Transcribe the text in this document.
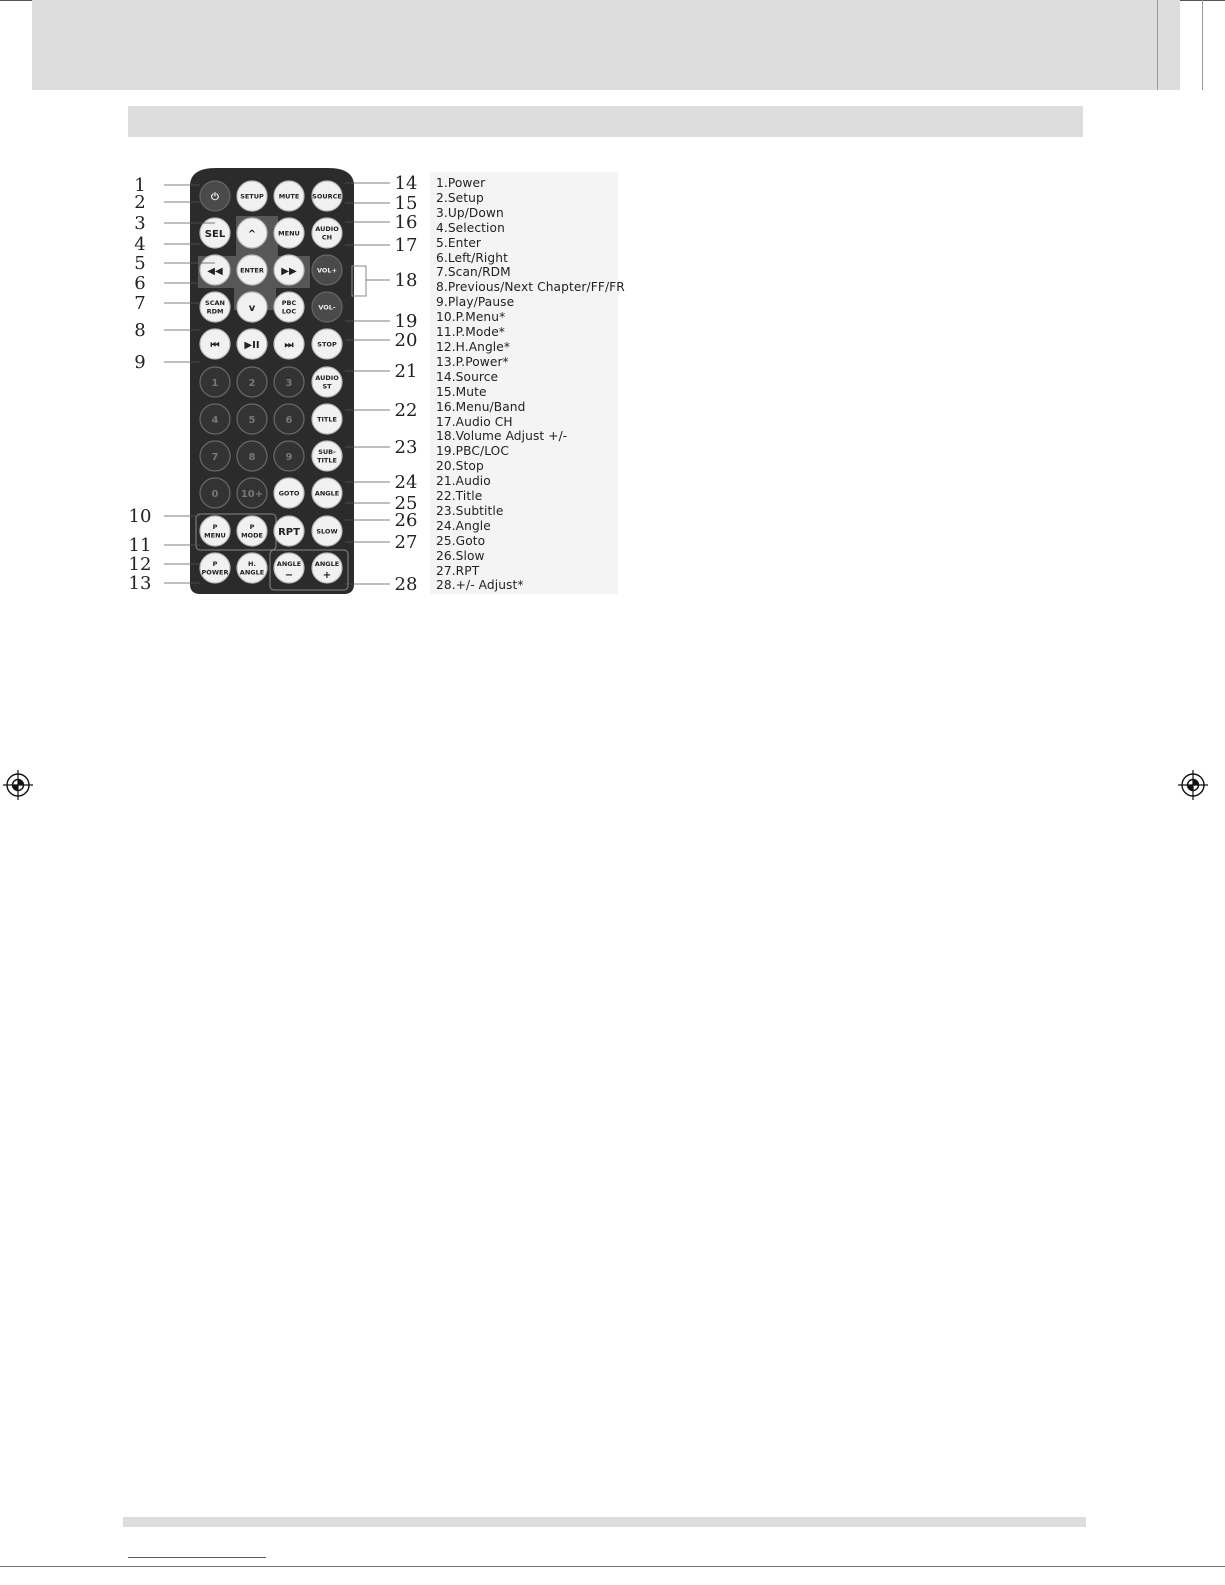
⏻	SETUP MUTE SOURCE
SEL ^	MENU
AUDIO
CH
◀◀	ENTER ▶▶	VOL+
SCAN
RDM	v	PBC
LOC	VOL-
⏮ ▶II ⏭	STOP
1	2	3	AUDIO
ST
4	5	6	TITLE
7	8	9	SUB-
TITLE
0 10+ GOTO ANGLE
P
MENU
P
MODE RPT	SLOW
P
POWER
H.
ANGLE
ANGLE
−
ANGLE
+
1
2
3
4
5
6
7
8
9
10
11
12
13
14
15
16
17
18
19
20
21
22
23
24
25
26
27
28
1.Power
2.Setup
3.Up/Down
4.Selection
5.Enter
6.Left/Right
7.Scan/RDM
8.Previous/Next Chapter/FF/FR
9.Play/Pause
10.P.Menu*
11.P.Mode*
12.H.Angle*
13.P.Power*
14.Source
15.Mute
16.Menu/Band
17.Audio CH
18.Volume Adjust +/-
19.PBC/LOC
20.Stop
21.Audio
22.Title
23.Subtitle
24.Angle
25.Goto
26.Slow
27.RPT
28.+/- Adjust*
